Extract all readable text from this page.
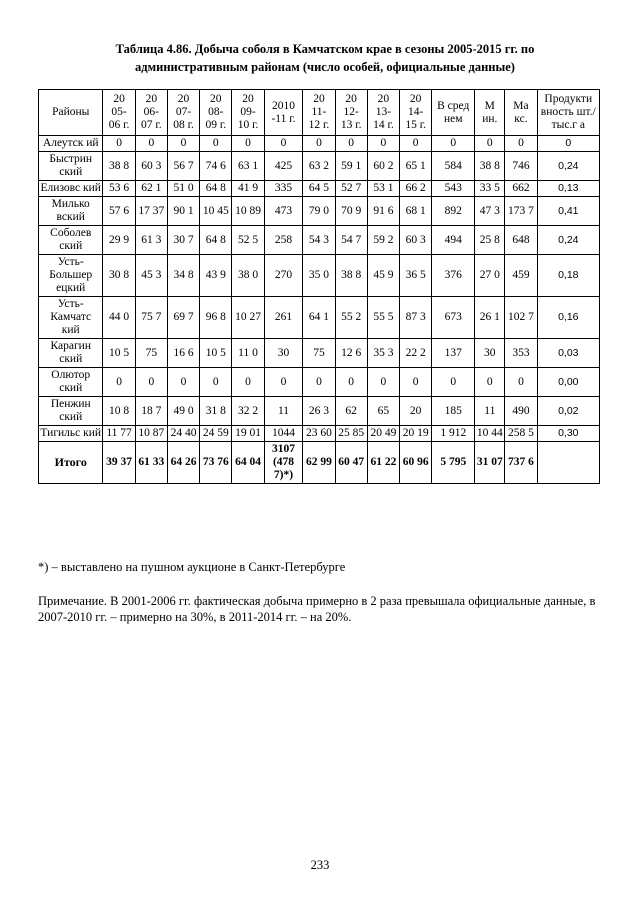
Таблица 4.86. Добыча соболя в Камчатском крае в сезоны 2005-2015 гг. по административным районам (число особей, официальные данные)
Районы	20 05- 06 г.	20 06- 07 г.	20 07- 08 г.	20 08- 09 г.	20 09- 10 г.	2010 -11 г.	20 11- 12 г.	20 12- 13 г.	20 13- 14 г.	20 14- 15 г.	В сред нем	М ин.	Ма кс.	Продукти вность шт./тыс.г а
Алеутск ий	0	0	0	0	0	0	0	0	0	0	0	0	0	0
Быстрин ский	38 8	60 3	56 7	74 6	63 1	425	63 2	59 1	60 2	65 1	584	38 8	746	0,24
Елизовс кий	53 6	62 1	51 0	64 8	41 9	335	64 5	52 7	53 1	66 2	543	33 5	662	0,13
Милько вский	57 6	17 37	90 1	10 45	10 89	473	79 0	70 9	91 6	68 1	892	47 3	173 7	0,41
Соболев ский	29 9	61 3	30 7	64 8	52 5	258	54 3	54 7	59 2	60 3	494	25 8	648	0,24
Усть- Большер ецкий	30 8	45 3	34 8	43 9	38 0	270	35 0	38 8	45 9	36 5	376	27 0	459	0,18
Усть- Камчатс кий	44 0	75 7	69 7	96 8	10 27	261	64 1	55 2	55 5	87 3	673	26 1	102 7	0,16
Карагин ский	10 5	75	16 6	10 5	11 0	30	75	12 6	35 3	22 2	137	30	353	0,03
Олютор ский	0	0	0	0	0	0	0	0	0	0	0	0	0	0,00
Пенжин ский	10 8	18 7	49 0	31 8	32 2	11	26 3	62	65	20	185	11	490	0,02
Тигильс кий	11 77	10 87	24 40	24 59	19 01	1044	23 60	25 85	20 49	20 19	1 912	10 44	258 5	0,30
Итого	39 37	61 33	64 26	73 76	64 04	3107 (478 7)*)	62 99	60 47	61 22	60 96	5 795	31 07	737 6	
*) – выставлено на пушном аукционе в Санкт-Петербурге
Примечание. В 2001-2006 гг. фактическая добыча примерно в 2 раза превышала официальные данные, в 2007-2010 гг. – примерно на 30%, в 2011-2014 гг. – на 20%.
233
